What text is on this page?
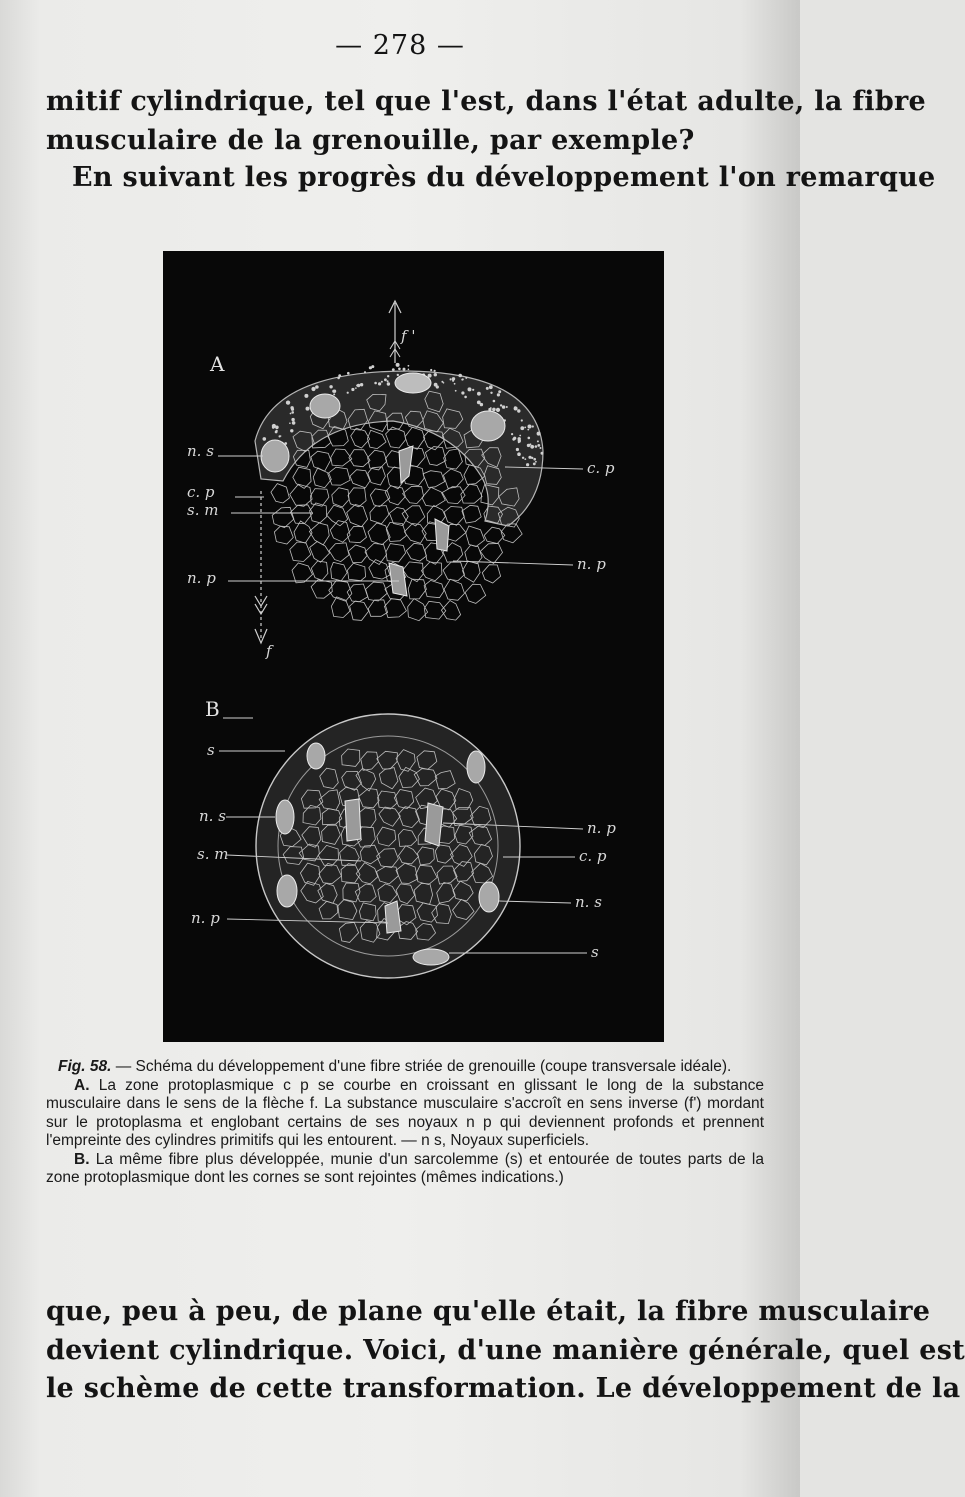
— 278 —
mitif cylindrique, tel que l'est, dans l'état adulte, la fibre
musculaire de la grenouille, par exemple?
En suivant les progrès du développement l'on remarque
A
f '
f
n. s
c. p
s. m
n. p
c. p
n. p
B
s
n. s
s. m
n. p
n. p
c. p
n. s
s

Fig. 58. — Schéma du développement d'une fibre striée de grenouille (coupe transversale idéale).

A. La zone protoplasmique c p se courbe en croissant en glissant le long de la substance musculaire dans le sens de la flèche f. La substance musculaire s'accroît en sens inverse (f') mordant sur le protoplasma et englobant certains de ses noyaux n p qui deviennent profonds et prennent l'empreinte des cylindres primitifs qui les entourent. — n s, Noyaux superficiels.

B. La même fibre plus développée, munie d'un sarcolemme (s) et entourée de toutes parts de la zone protoplasmique dont les cornes se sont rejointes (mêmes indications.)

que, peu à peu, de plane qu'elle était, la fibre musculaire
devient cylindrique. Voici, d'une manière générale, quel est
le schème de cette transformation. Le développement de la
